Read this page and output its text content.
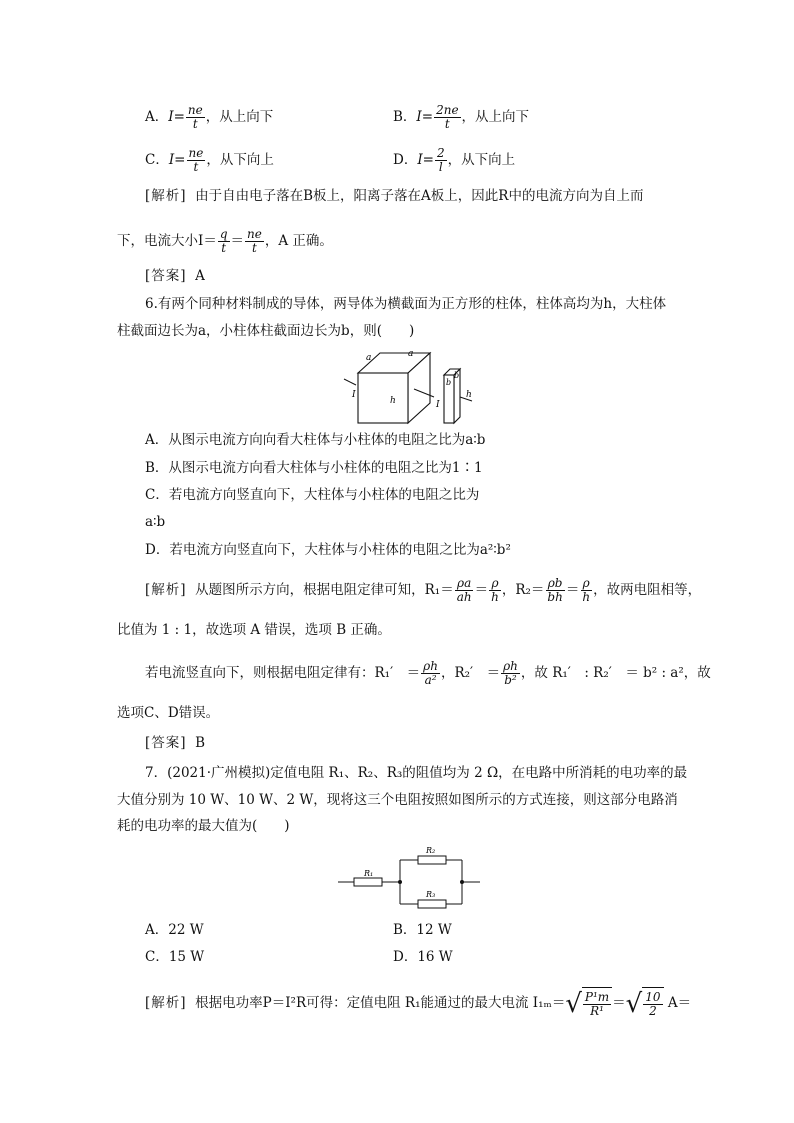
A．$I= \frac{ne}{t}$ ，从上向下	B．$I= \frac{2ne}{t}$ ，从上向下
C．$I= \frac{ne}{t}$ ，从下向上	D．$I= \frac{2}{l}$ ，从下向上
[解析] 由于自由电子落在B板上，阳离子落在A板上，因此R中的电流方向为自上而
下，电流大小$I= \frac{q}{t} = \frac{ne}{t}$ ，A 正确。
[答案] A
6.有两个同种材料制成的导体，两导体为横截面为正方形的柱体，柱体高均为h，大柱体
柱截面边长为a，小柱体柱截面边长为b，则(　　)
a	a
I
h	I
b
b
h
A．从图示电流方向向看大柱体与小柱体的电阻之比为a∶b
B．从图示电流方向看大柱体与小柱体的电阻之比为1∶1
C．若电流方向竖直向下，大柱体与小柱体的电阻之比为
a∶b
D．若电流方向竖直向下，大柱体与小柱体的电阻之比为a²∶b²
[解析] 从题图所示方向，根据电阻定律可知，$R_1= \frac{\rho a}{ah} = \frac{\rho}{h}$ ，$R_2= \frac{\rho b}{bh} = \frac{\rho}{h}$ ，故两电阻相等，
比值为 1 : 1，故选项 A 错误，选项 B 正确。
若电流竖直向下，则根据电阻定律有：R₁′　＝ $\frac{\rho h}{\text{a²}}$ ，R₂′　＝ $\frac{\rho h}{\text{b²}}$ ，故 R₁′　: R₂′　＝ b² : a²，故
选项C、D错误。
[答案] B
7．(2021·广州模拟)定值电阻 R₁、R₂、R₃的阻值均为 2 Ω，在电路中所消耗的电功率的最
大值分别为 10 W、10 W、2 W，现将这三个电阻按照如图所示的方式连接，则这部分电路消
耗的电功率的最大值为(　　)
R₁
R₂
R₃
A．22 W	B．12 W
C．15 W	D．16 W
[解析] 根据电功率P＝I²R可得：定值电阻 R₁能通过的最大电流 I₁ₘ＝ √ $\frac{\text{P¹m}}{\text{R¹}}$ ＝ √ $\frac{10}{2} A=$
